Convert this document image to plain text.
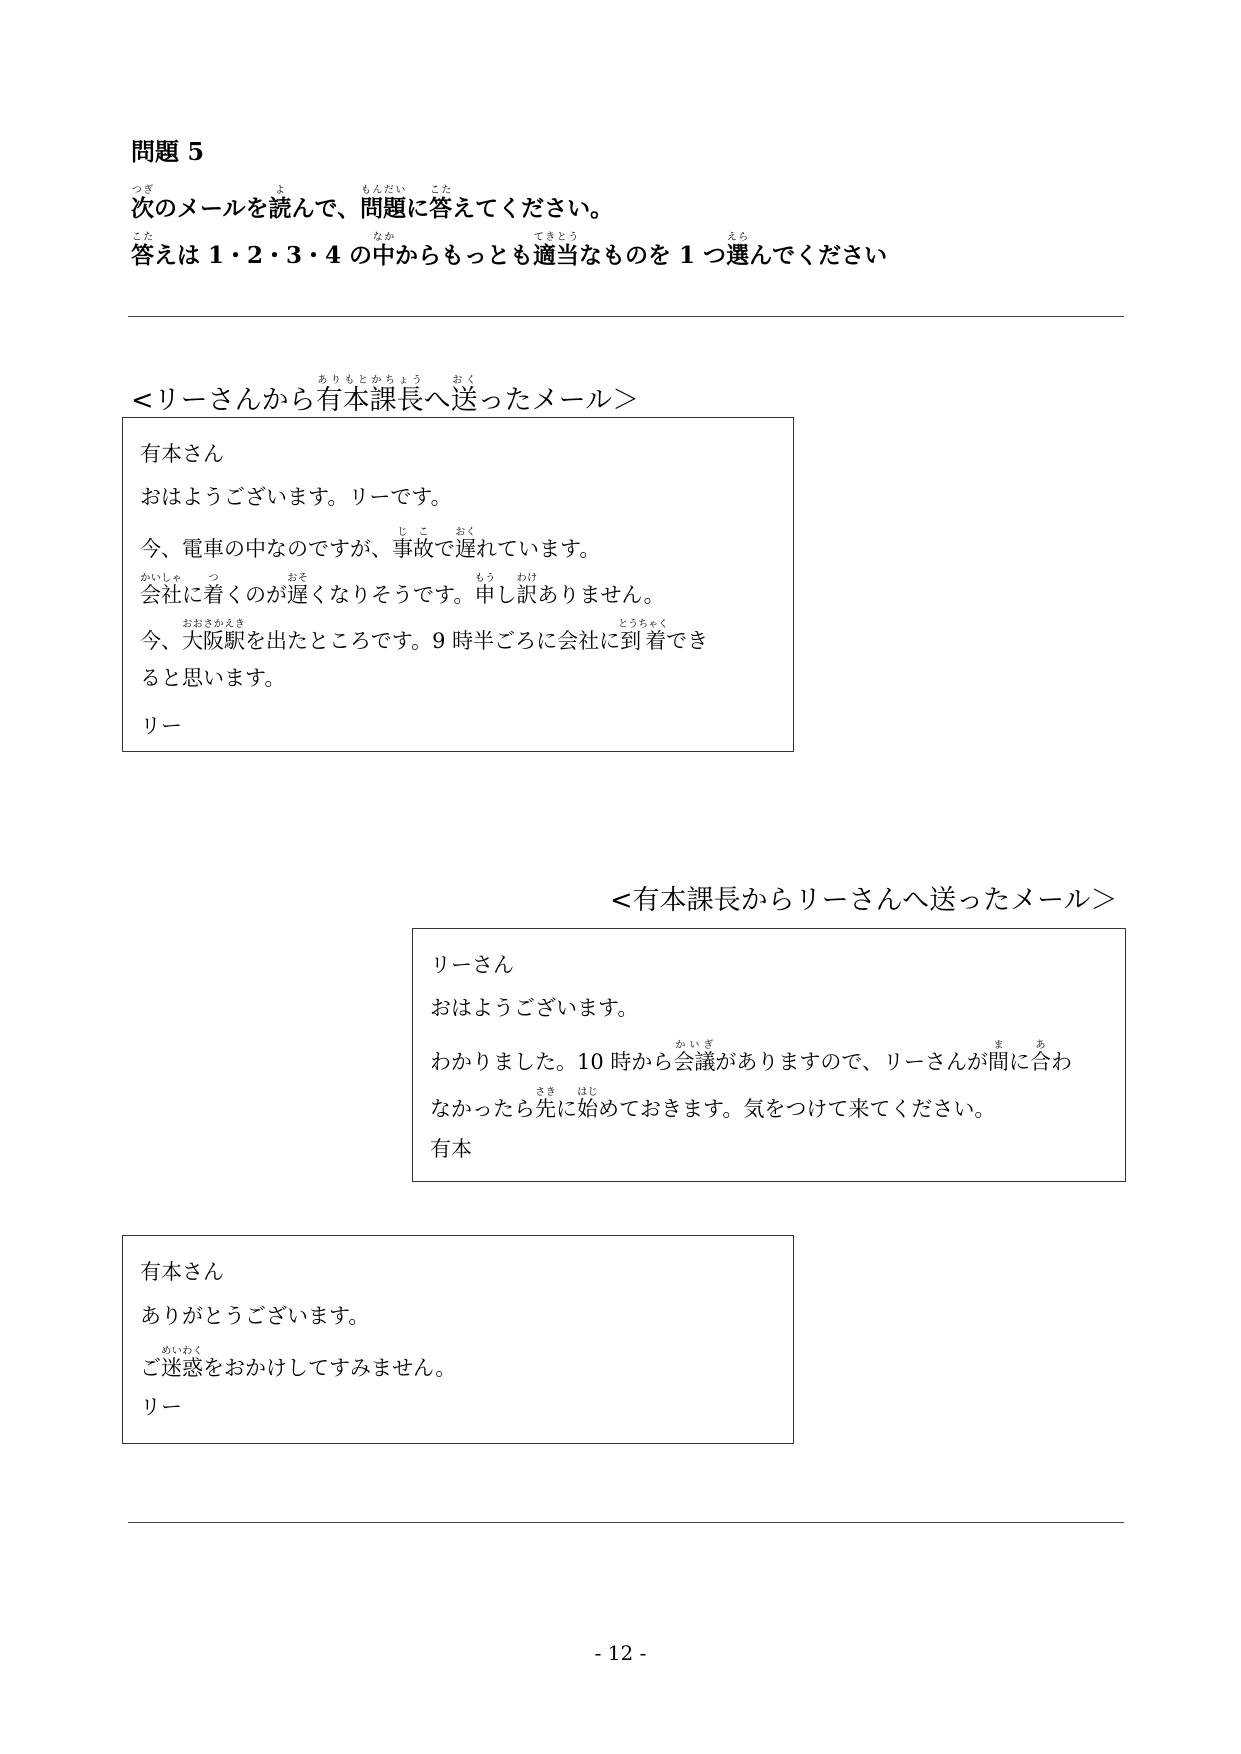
問題 5
次つぎのメールを読よんで、問題もんだいに答こたえてください。
答こたえは 1・2・3・4 の中なかからもっとも適当てきとうなものを 1 つ選えらんでください
<リーさんから有本課長ありもとかちょうへ送おくったメール＞
有本さん
おはようございます。リーです。
今、電車の中なのですが、事故じこで遅おくれています。
会社かいしゃに着つくのが遅おそくなりそうです。申もうし訳わけありません。
今、大阪駅おおさかえきを出たところです。9 時半ごろに会社に到着とうちゃくでき
ると思います。
リー
<有本課長からリーさんへ送ったメール＞
リーさん
おはようございます。
わかりました。10 時から会議かいぎがありますので、リーさんが間まに合あわ
なかったら先さきに始はじめておきます。気をつけて来てください。
有本
有本さん
ありがとうございます。
ご迷惑めいわくをおかけしてすみません。
リー
- 12 -
